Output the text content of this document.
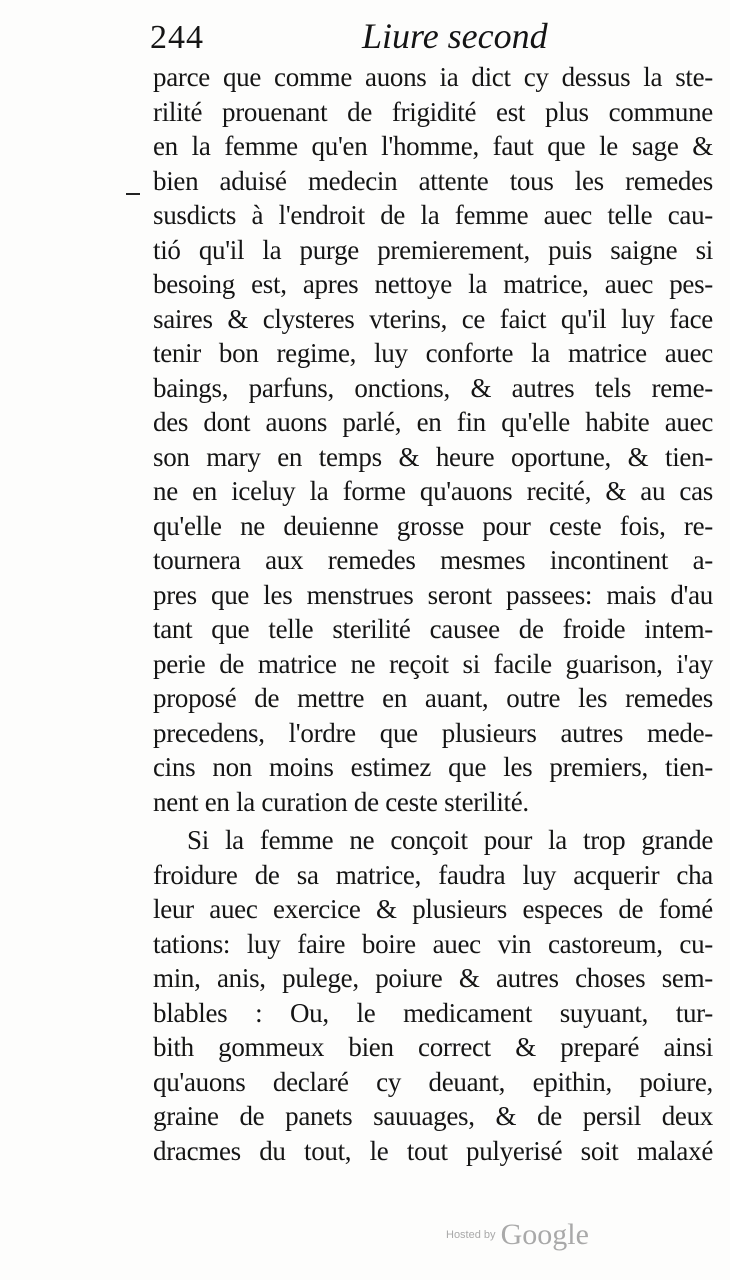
244	Liure second
parce que comme auons ia dict cy dessus la ste-
rilité prouenant de frigidité est plus commune
en la femme qu'en l'homme, faut que le sage &
bien aduisé medecin attente tous les remedes
susdicts à l'endroit de la femme auec telle cau-
tió qu'il la purge premierement, puis saigne si
besoing est, apres nettoye la matrice, auec pes-
saires & clysteres vterins, ce faict qu'il luy face
tenir bon regime, luy conforte la matrice auec
baings, parfuns, onctions, & autres tels reme-
des dont auons parlé, en fin qu'elle habite auec
son mary en temps & heure oportune, & tien-
ne en iceluy la forme qu'auons recité, & au cas
qu'elle ne deuienne grosse pour ceste fois, re-
tournera aux remedes mesmes incontinent a-
pres que les menstrues seront passees: mais d'au
tant que telle sterilité causee de froide intem-
perie de matrice ne reçoit si facile guarison, i'ay
proposé de mettre en auant, outre les remedes
precedens, l'ordre que plusieurs autres mede-
cins non moins estimez que les premiers, tien-
nent en la curation de ceste sterilité.
Si la femme ne conçoit pour la trop grande
froidure de sa matrice, faudra luy acquerir cha
leur auec exercice & plusieurs especes de fomé
tations: luy faire boire auec vin castoreum, cu-
min, anis, pulege, poiure & autres choses sem-
blables : Ou, le medicament suyuant, tur-
bith gommeux bien correct & preparé ainsi
qu'auons declaré cy deuant, epithin, poiure,
graine de panets sauuages, & de persil deux
dracmes du tout, le tout pulуerisé soit malaxé
Hosted by Google
